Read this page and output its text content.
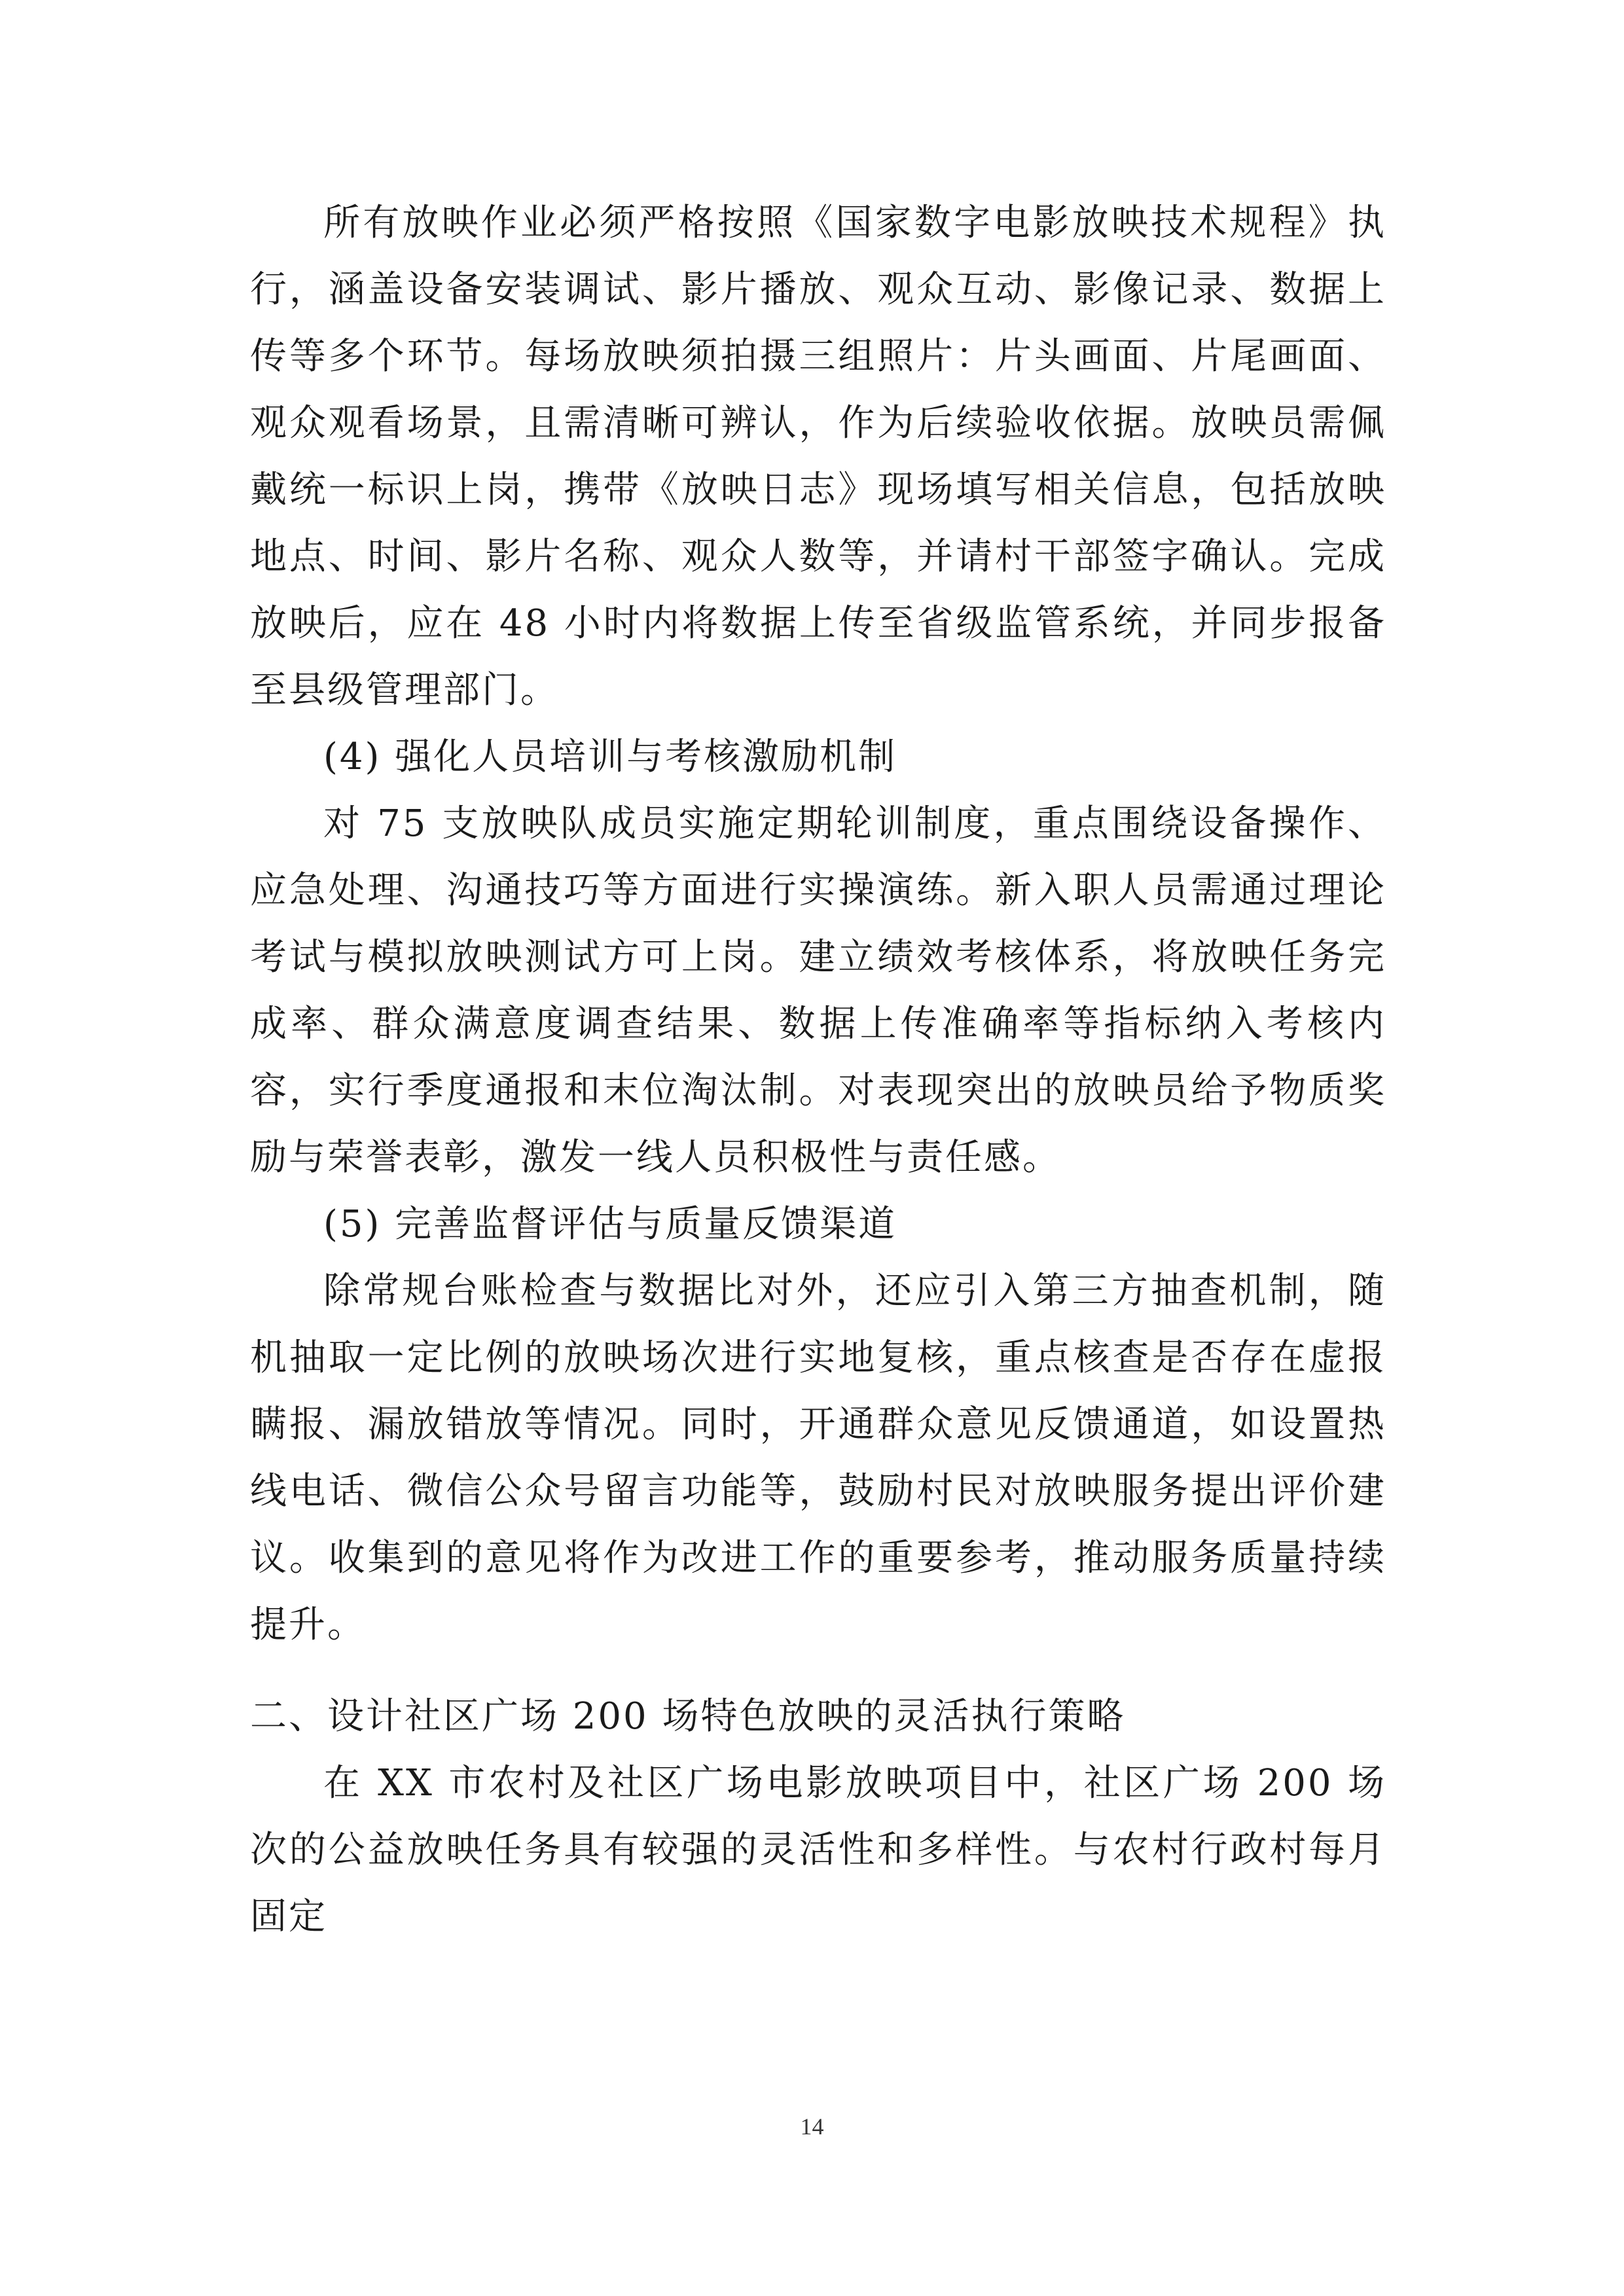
所有放映作业必须严格按照《国家数字电影放映技术规程》执行，涵盖设备安装调试、影片播放、观众互动、影像记录、数据上传等多个环节。每场放映须拍摄三组照片：片头画面、片尾画面、观众观看场景，且需清晰可辨认，作为后续验收依据。放映员需佩戴统一标识上岗，携带《放映日志》现场填写相关信息，包括放映地点、时间、影片名称、观众人数等，并请村干部签字确认。完成放映后，应在 48 小时内将数据上传至省级监管系统，并同步报备至县级管理部门。

(4) 强化人员培训与考核激励机制

对 75 支放映队成员实施定期轮训制度，重点围绕设备操作、应急处理、沟通技巧等方面进行实操演练。新入职人员需通过理论考试与模拟放映测试方可上岗。建立绩效考核体系，将放映任务完成率、群众满意度调查结果、数据上传准确率等指标纳入考核内容，实行季度通报和末位淘汰制。对表现突出的放映员给予物质奖励与荣誉表彰，激发一线人员积极性与责任感。

(5) 完善监督评估与质量反馈渠道

除常规台账检查与数据比对外，还应引入第三方抽查机制，随机抽取一定比例的放映场次进行实地复核，重点核查是否存在虚报瞒报、漏放错放等情况。同时，开通群众意见反馈通道，如设置热线电话、微信公众号留言功能等，鼓励村民对放映服务提出评价建议。收集到的意见将作为改进工作的重要参考，推动服务质量持续提升。

二、设计社区广场 200 场特色放映的灵活执行策略

在 XX 市农村及社区广场电影放映项目中，社区广场 200 场次的公益放映任务具有较强的灵活性和多样性。与农村行政村每月固定

14
